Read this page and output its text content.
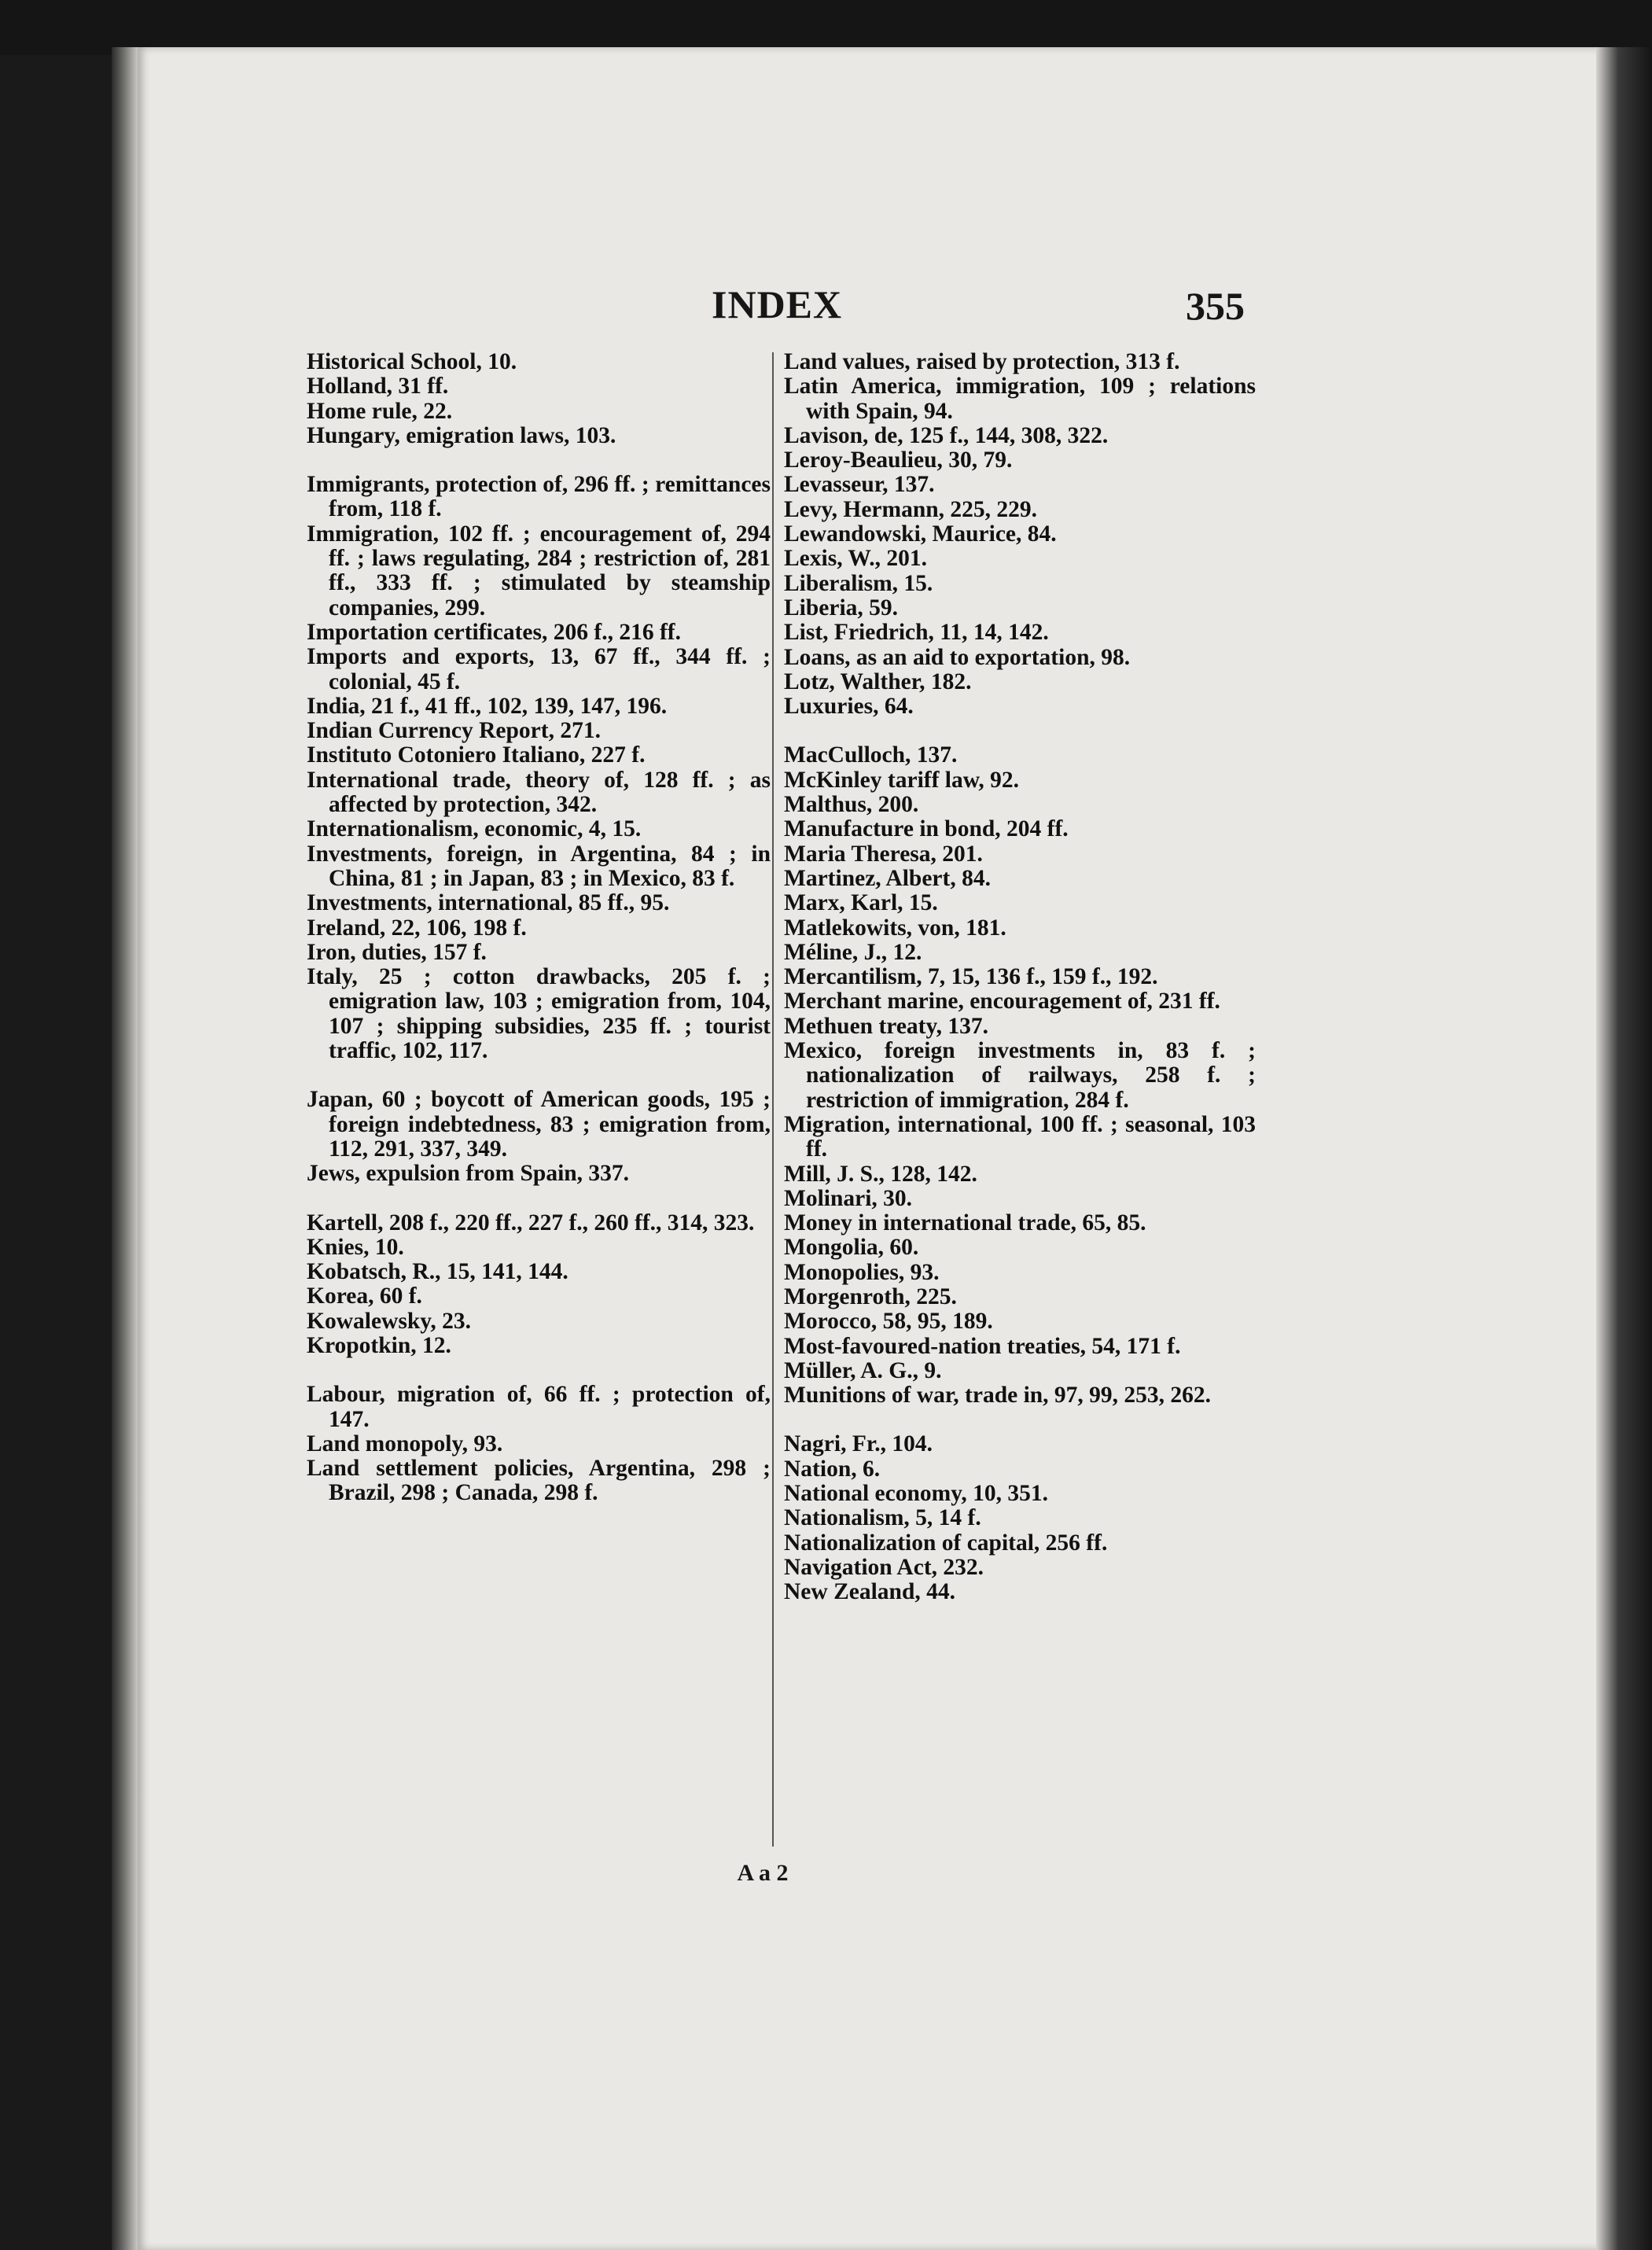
INDEX	355
Historical School, 10.
Holland, 31 ff.
Home rule, 22.
Hungary, emigration laws, 103.
Immigrants, protection of, 296 ff. ; remittances from, 118 f.
Immigration, 102 ff. ; encouragement of, 294 ff. ; laws regulating, 284 ; restriction of, 281 ff., 333 ff. ; stimulated by steamship companies, 299.
Importation certificates, 206 f., 216 ff.
Imports and exports, 13, 67 ff., 344 ff. ; colonial, 45 f.
India, 21 f., 41 ff., 102, 139, 147, 196.
Indian Currency Report, 271.
Instituto Cotoniero Italiano, 227 f.
International trade, theory of, 128 ff. ; as affected by protection, 342.
Internationalism, economic, 4, 15.
Investments, foreign, in Argentina, 84 ; in China, 81 ; in Japan, 83 ; in Mexico, 83 f.
Investments, international, 85 ff., 95.
Ireland, 22, 106, 198 f.
Iron, duties, 157 f.
Italy, 25 ; cotton drawbacks, 205 f. ; emigration law, 103 ; emigration from, 104, 107 ; shipping subsidies, 235 ff. ; tourist traffic, 102, 117.
Japan, 60 ; boycott of American goods, 195 ; foreign indebtedness, 83 ; emigration from, 112, 291, 337, 349.
Jews, expulsion from Spain, 337.
Kartell, 208 f., 220 ff., 227 f., 260 ff., 314, 323.
Knies, 10.
Kobatsch, R., 15, 141, 144.
Korea, 60 f.
Kowalewsky, 23.
Kropotkin, 12.
Labour, migration of, 66 ff. ; protection of, 147.
Land monopoly, 93.
Land settlement policies, Argentina, 298 ; Brazil, 298 ; Canada, 298 f.
Land values, raised by protection, 313 f.
Latin America, immigration, 109 ; relations with Spain, 94.
Lavison, de, 125 f., 144, 308, 322.
Leroy-Beaulieu, 30, 79.
Levasseur, 137.
Levy, Hermann, 225, 229.
Lewandowski, Maurice, 84.
Lexis, W., 201.
Liberalism, 15.
Liberia, 59.
List, Friedrich, 11, 14, 142.
Loans, as an aid to exportation, 98.
Lotz, Walther, 182.
Luxuries, 64.
MacCulloch, 137.
McKinley tariff law, 92.
Malthus, 200.
Manufacture in bond, 204 ff.
Maria Theresa, 201.
Martinez, Albert, 84.
Marx, Karl, 15.
Matlekowits, von, 181.
Méline, J., 12.
Mercantilism, 7, 15, 136 f., 159 f., 192.
Merchant marine, encouragement of, 231 ff.
Methuen treaty, 137.
Mexico, foreign investments in, 83 f. ; nationalization of railways, 258 f. ; restriction of immigration, 284 f.
Migration, international, 100 ff. ; seasonal, 103 ff.
Mill, J. S., 128, 142.
Molinari, 30.
Money in international trade, 65, 85.
Mongolia, 60.
Monopolies, 93.
Morgenroth, 225.
Morocco, 58, 95, 189.
Most-favoured-nation treaties, 54, 171 f.
Müller, A. G., 9.
Munitions of war, trade in, 97, 99, 253, 262.
Nagri, Fr., 104.
Nation, 6.
National economy, 10, 351.
Nationalism, 5, 14 f.
Nationalization of capital, 256 ff.
Navigation Act, 232.
New Zealand, 44.
A a 2
